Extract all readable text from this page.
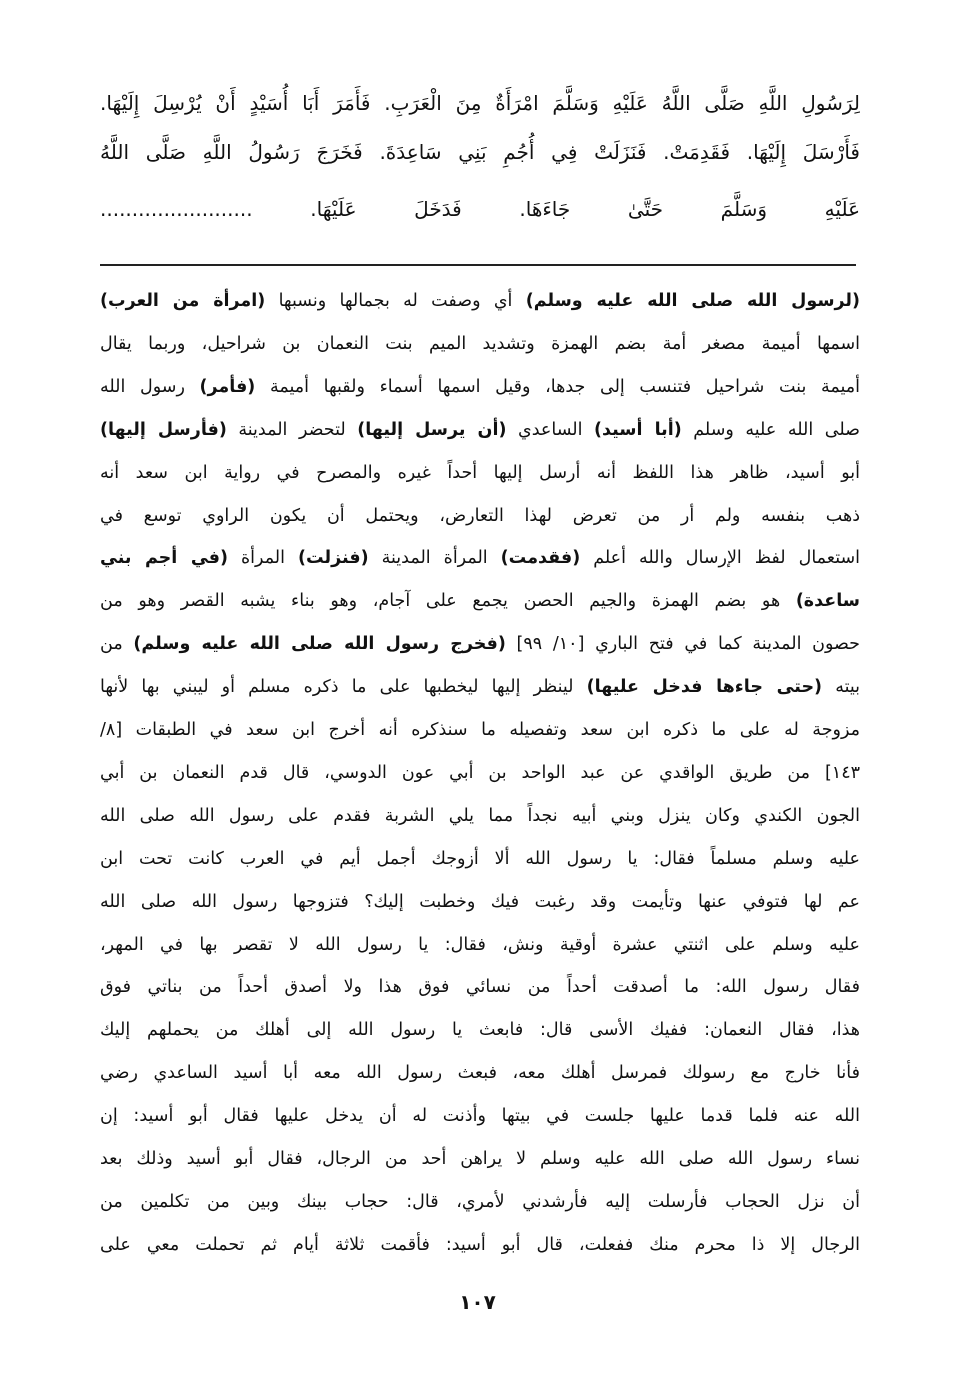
لِرَسُولِ اللَّهِ صَلَّى اللَّهُ عَلَيْهِ وَسَلَّمَ امْرَأَةٌ مِنَ الْعَرَبِ. فَأَمَرَ أَبَا أُسَيْدٍ أَنْ يُرْسِلَ إِلَيْهَا.
فَأَرْسَلَ إِلَيْهَا. فَقَدِمَتْ. فَنَزَلَتْ فِي أُجُمِ بَنِي سَاعِدَةَ. فَخَرَجَ رَسُولُ اللَّهِ صَلَّى اللَّهُ
عَلَيْهِ وَسَلَّمَ حَتَّىٰ جَاءَهَا. فَدَخَلَ عَلَيْهَا. ........................
(لرسول الله صلى الله عليه وسلم) أي وصفت له بجمالها ونسبها (امرأة من العرب)
اسمها أميمة مصغر أمة بضم الهمزة وتشديد الميم بنت النعمان بن شراحيل، وربما يقال
أميمة بنت شراحيل فتنسب إلى جدها، وقيل اسمها أسماء ولقبها أميمة (فأمر) رسول الله
صلى الله عليه وسلم (أبا أسيد) الساعدي (أن يرسل إليها) لتحضر المدينة (فأرسل إليها)
أبو أسيد، ظاهر هذا اللفظ أنه أرسل إليها أحداً غيره والمصرح في رواية ابن سعد أنه
ذهب بنفسه ولم أر من تعرض لهذا التعارض، ويحتمل أن يكون الراوي توسع في
استعمال لفظ الإرسال والله أعلم (فقدمت) المرأة المدينة (فنزلت) المرأة (في أجم بني
ساعدة) هو بضم الهمزة والجيم الحصن يجمع على آجام، وهو بناء يشبه القصر وهو من
حصون المدينة كما في فتح الباري [١٠/ ٩٩] (فخرج رسول الله صلى الله عليه وسلم) من
بيته (حتى جاءها فدخل عليها) لينظر إليها ليخطبها على ما ذكره مسلم أو ليبني بها لأنها
مزوجة له على ما ذكره ابن سعد وتفصيله ما سنذكره أنه أخرج ابن سعد في الطبقات [٨/
١٤٣] من طريق الواقدي عن عبد الواحد بن أبي عون الدوسي، قال قدم النعمان بن أبي
الجون الكندي وكان ينزل وبني أبيه نجداً مما يلي الشربة فقدم على رسول الله صلى الله
عليه وسلم مسلماً فقال: يا رسول الله ألا أزوجك أجمل أيم في العرب كانت تحت ابن
عم لها فتوفي عنها وتأيمت وقد رغبت فيك وخطبت إليك؟ فتزوجها رسول الله صلى الله
عليه وسلم على اثنتي عشرة أوقية ونش، فقال: يا رسول الله لا تقصر بها في المهر،
فقال رسول الله: ما أصدقت أحداً من نسائي فوق هذا ولا أصدق أحداً من بناتي فوق
هذا، فقال النعمان: ففيك الأسى قال: فابعث يا رسول الله إلى أهلك من يحملهم إليك
فأنا خارج مع رسولك فمرسل أهلك معه، فبعث رسول الله معه أبا أسيد الساعدي رضي
الله عنه فلما قدما عليها جلست في بيتها وأذنت له أن يدخل عليها فقال أبو أسيد: إن
نساء رسول الله صلى الله عليه وسلم لا يراهن أحد من الرجال، فقال أبو أسيد وذلك بعد
أن نزل الحجاب فأرسلت إليه فأرشدني لأمري، قال: حجاب بينك وبين من تكلمين من
الرجال إلا ذا محرم منك ففعلت، قال أبو أسيد: فأقمت ثلاثة أيام ثم تحملت معي على
١٠٧
